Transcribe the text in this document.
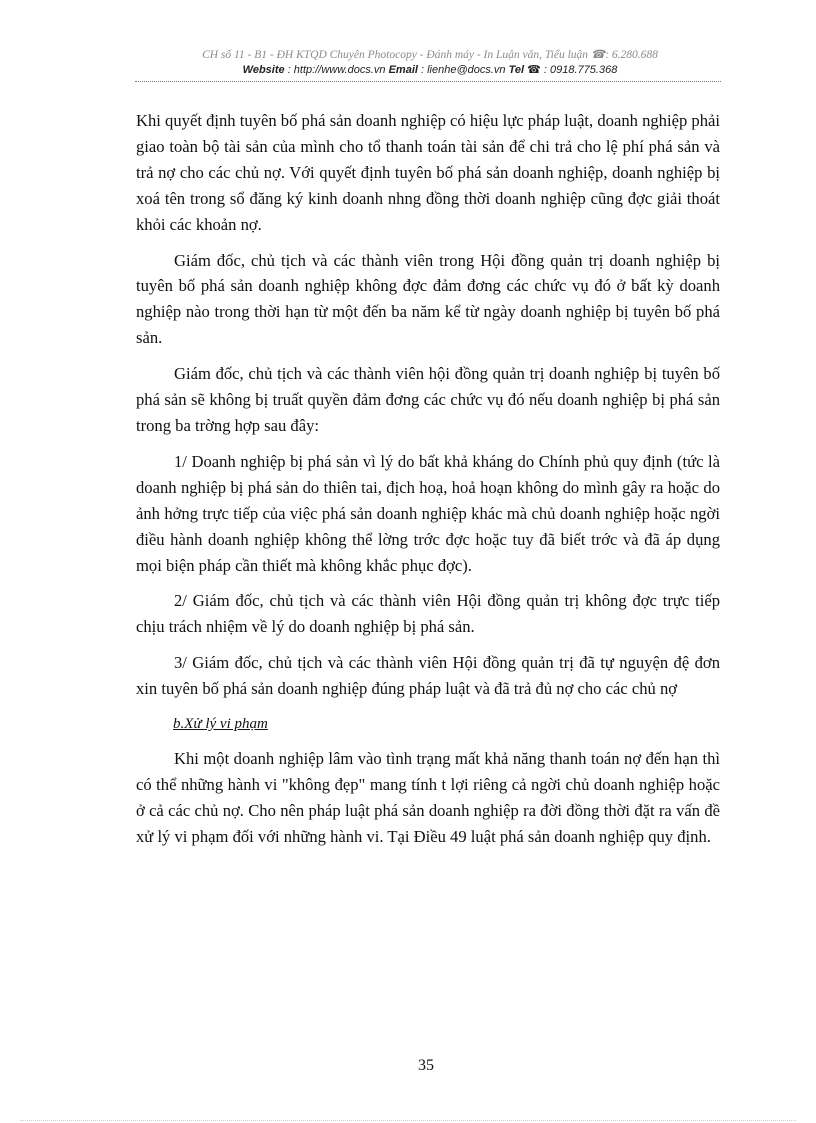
CH số 11 - B1 - ĐH KTQD Chuyên Photocopy - Đánh máy - In Luận văn, Tiểu luận ☎: 6.280.688
Website : http://www.docs.vn Email : lienhe@docs.vn Tel ☎ : 0918.775.368

Khi quyết định tuyên bố phá sản doanh nghiệp có hiệu lực pháp luật, doanh nghiệp phải giao toàn bộ tài sản của mình cho tổ thanh toán tài sản để chi trả cho lệ phí phá sản và trả nợ cho các chủ nợ. Với quyết định tuyên bố phá sản doanh nghiệp, doanh nghiệp bị xoá tên trong sổ đăng ký kinh doanh nhng đồng thời doanh nghiệp cũng đợc giải thoát khỏi các khoản nợ.

Giám đốc, chủ tịch và các thành viên trong Hội đồng quản trị doanh nghiệp bị tuyên bố phá sản doanh nghiệp không đợc đảm đơng các chức vụ đó ở bất kỳ doanh nghiệp nào trong thời hạn từ một đến ba năm kể từ ngày doanh nghiệp bị tuyên bố phá sản.

Giám đốc, chủ tịch và các thành viên hội đồng quản trị doanh nghiệp bị tuyên bố phá sản sẽ không bị truất quyền đảm đơng các chức vụ đó nếu doanh nghiệp bị phá sản trong ba trờng hợp sau đây:

1/ Doanh nghiệp bị phá sản vì lý do bất khả kháng do Chính phủ quy định (tức là doanh nghiệp bị phá sản do thiên tai, địch hoạ, hoả hoạn không do mình gây ra hoặc do ảnh hởng trực tiếp của việc phá sản doanh nghiệp khác mà chủ doanh nghiệp hoặc ngời điều hành doanh nghiệp không thể lờng trớc đợc hoặc tuy đã biết trớc và đã áp dụng mọi biện pháp cần thiết mà không khắc phục đợc).

2/ Giám đốc, chủ tịch và các thành viên Hội đồng quản trị không đợc trực tiếp chịu trách nhiệm về lý do doanh nghiệp bị phá sản.

3/ Giám đốc, chủ tịch và các thành viên Hội đồng quản trị đã tự nguyện đệ đơn xin tuyên bố phá sản doanh nghiệp đúng pháp luật và đã trả đủ nợ cho các chủ nợ

b.Xử lý vi phạm

Khi một doanh nghiệp lâm vào tình trạng mất khả năng thanh toán nợ đến hạn thì có thể những hành vi "không đẹp" mang tính t lợi riêng cả ngời chủ doanh nghiệp hoặc ở cả các chủ nợ. Cho nên pháp luật phá sản doanh nghiệp ra đời đồng thời đặt ra vấn đề xử lý vi phạm đối với những hành vi. Tại Điều 49 luật phá sản doanh nghiệp quy định.

35
